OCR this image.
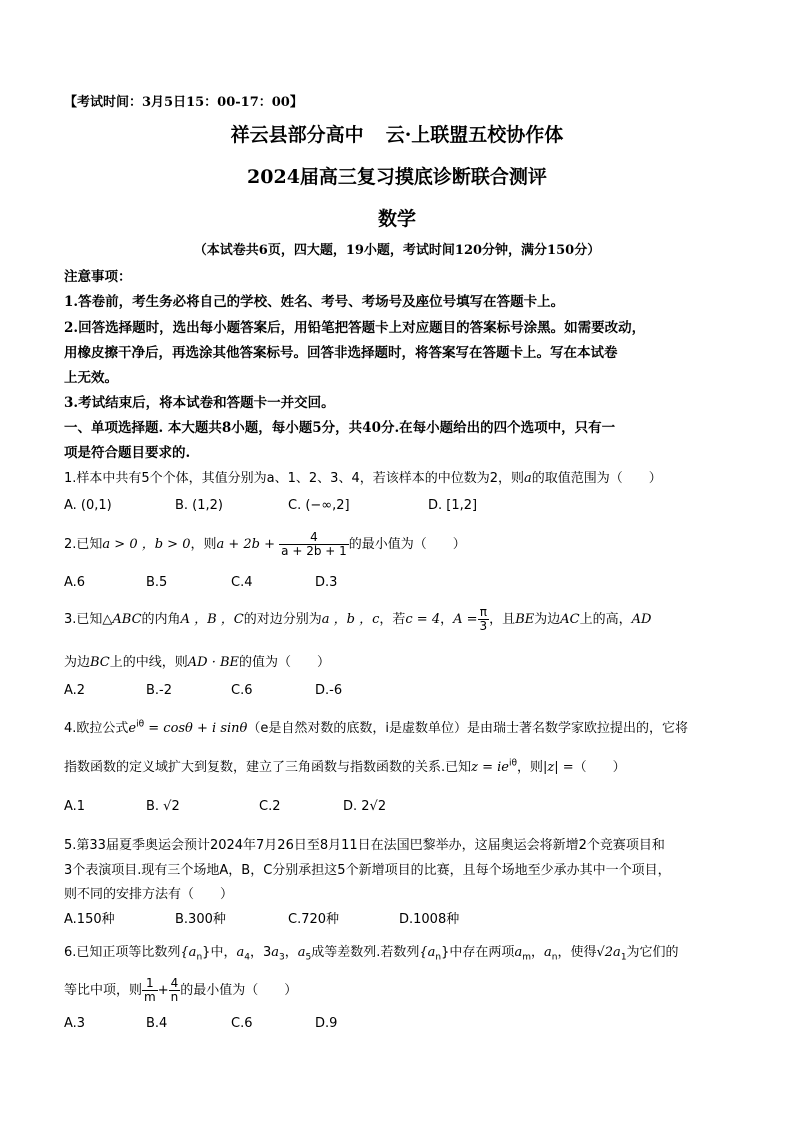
【考试时间：3月5日15：00-17：00】
祥云县部分高中 云·上联盟五校协作体
2024届高三复习摸底诊断联合测评
数学
（本试卷共6页，四大题，19小题，考试时间120分钟，满分150分）
注意事项：
1.答卷前，考生务必将自己的学校、姓名、考号、考场号及座位号填写在答题卡上。
2.回答选择题时，选出每小题答案后，用铅笔把答题卡上对应题目的答案标号涂黑。如需要改动，
用橡皮擦干净后，再选涂其他答案标号。回答非选择题时，将答案写在答题卡上。写在本试卷
上无效。
3.考试结束后，将本试卷和答题卡一并交回。
一、单项选择题. 本大题共8小题，每小题5分，共40分.在每小题给出的四个选项中，只有一
项是符合题目要求的.
1.样本中共有5个个体，其值分别为a、1、2、3、4，若该样本的中位数为2，则a的取值范围为（　　）
A. (0,1)	B. (1,2)	C. (−∞,2]	D. [1,2]
2.已知a > 0 ，b > 0，则$a + 2b + \frac{4}{a + 2b + 1}$ 的最小值为（　　）
A.6	B.5	C.4	D.3
3.已知△ABC的内角A ，B ，C的对边分别为a ，b ，c，若c = 4，$A = \frac{\pi}{3}$ ，且BE为边AC上的高，AD
为边BC上的中线，则AD · BE的值为（　　）
A.2	B.-2	C.6	D.-6
4.欧拉公式$e^{i\theta} = \cos\theta + i$ sinθ（e是自然对数的底数，i是虚数单位）是由瑞士著名数学家欧拉提出的，它将
指数函数的定义域扩大到复数，建立了三角函数与指数函数的关系.已知$z = ie^{i\theta}$，则|z| =（　　）
A.1	B. √2	C.2	D. 2√2
5.第33届夏季奥运会预计2024年7月26日至8月11日在法国巴黎举办，这届奥运会将新增2个竞赛项目和
3个表演项目.现有三个场地A，B，C分别承担这5个新增项目的比赛，且每个场地至少承办其中一个项目，
则不同的安排方法有（　　）
A.150种	B.300种	C.720种	D.1008种
6.已知正项等比数列$\{a_n\}$中，$a_4$，$3a_3$，$a_5$成等差数列.若数列$\{a_n\}$中存在两项$a_m$，$a_n$，使得$√2a_1$为它们的
等比中项，则 $\frac{1}{m} + \frac{4}{n}$ 的最小值为（　　）
A.3	B.4	C.6	D.9
